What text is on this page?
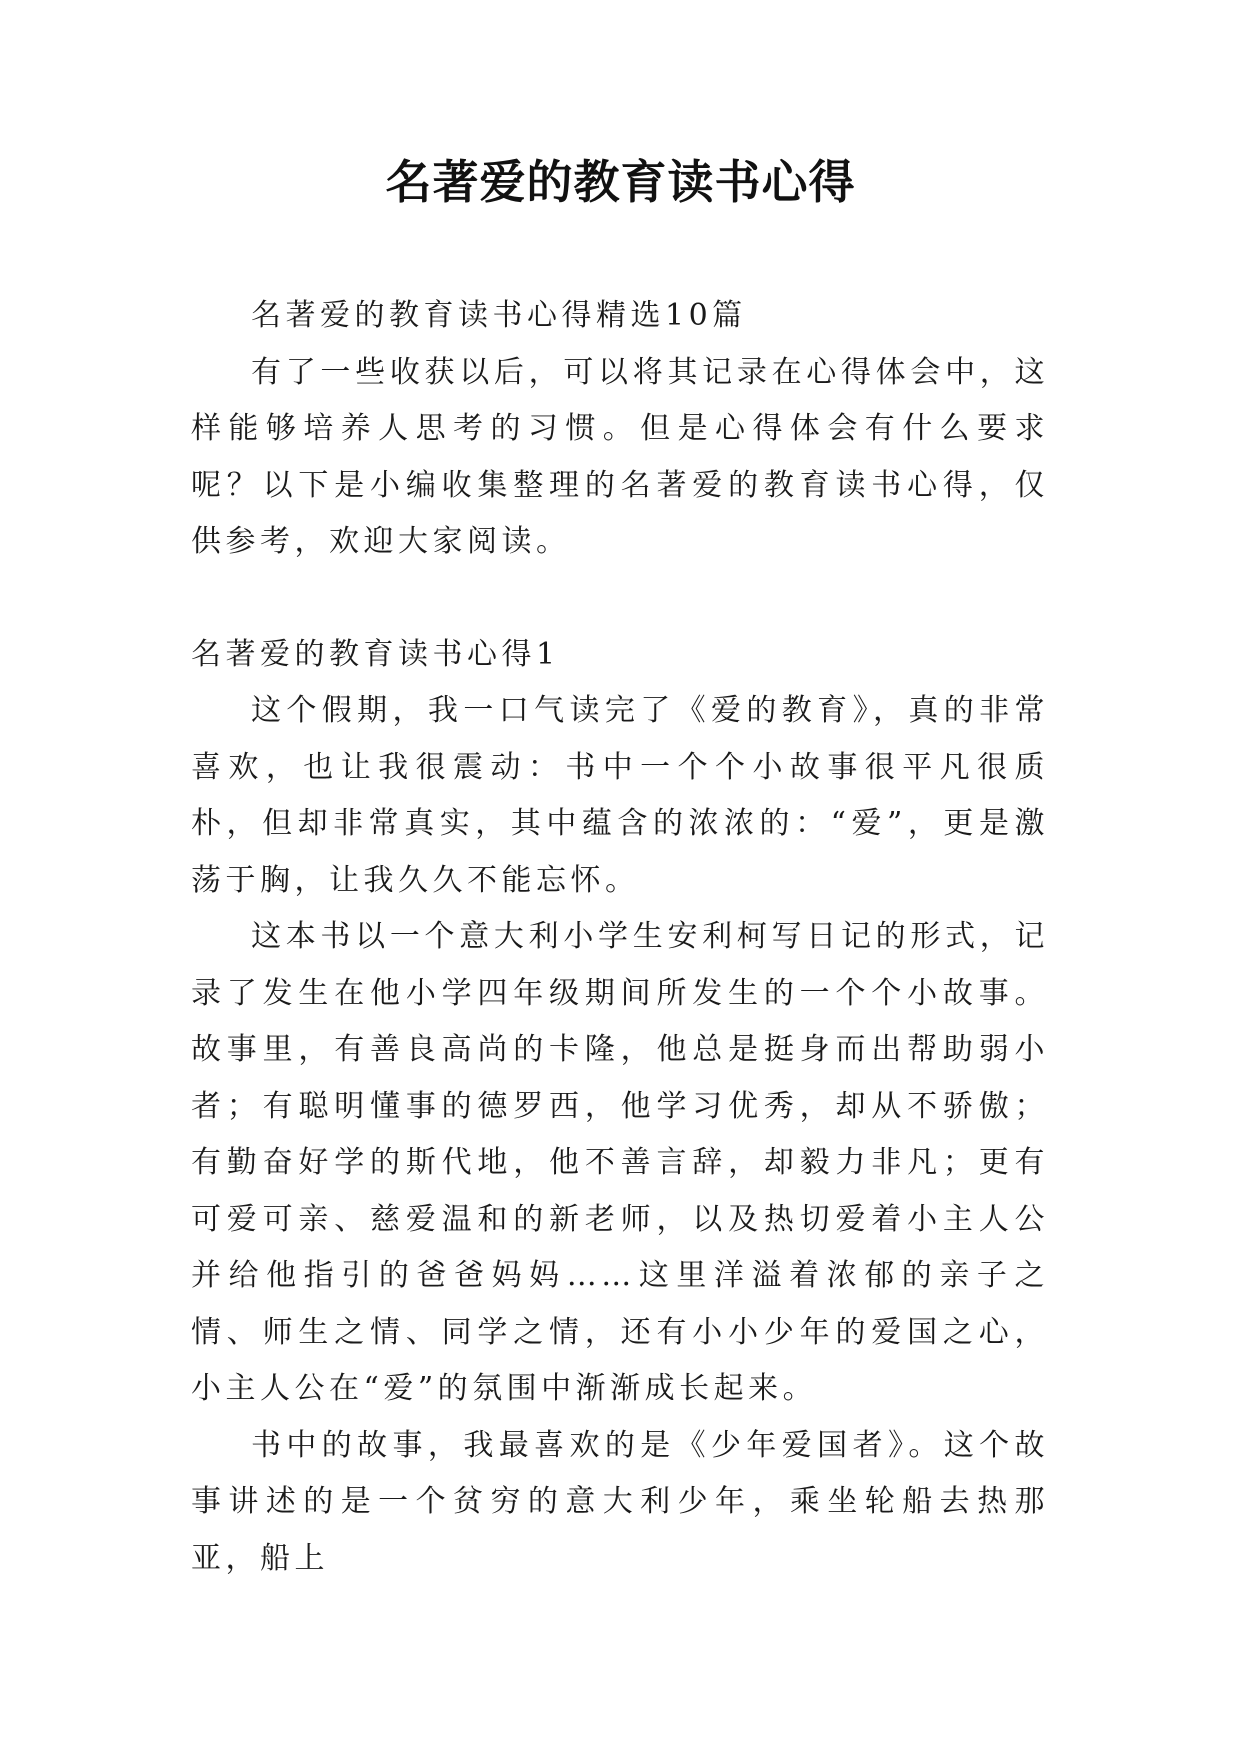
名著爱的教育读书心得

名著爱的教育读书心得精选10篇

有了一些收获以后，可以将其记录在心得体会中，这样能够培养人思考的习惯。但是心得体会有什么要求呢？以下是小编收集整理的名著爱的教育读书心得，仅供参考，欢迎大家阅读。

名著爱的教育读书心得1

这个假期，我一口气读完了《爱的教育》，真的非常喜欢，也让我很震动：书中一个个小故事很平凡很质朴，但却非常真实，其中蕴含的浓浓的：“爱”，更是激荡于胸，让我久久不能忘怀。

这本书以一个意大利小学生安利柯写日记的形式，记录了发生在他小学四年级期间所发生的一个个小故事。故事里，有善良高尚的卡隆，他总是挺身而出帮助弱小者；有聪明懂事的德罗西，他学习优秀，却从不骄傲；有勤奋好学的斯代地，他不善言辞，却毅力非凡；更有可爱可亲、慈爱温和的新老师，以及热切爱着小主人公并给他指引的爸爸妈妈……这里洋溢着浓郁的亲子之情、师生之情、同学之情，还有小小少年的爱国之心，小主人公在“爱”的氛围中渐渐成长起来。

书中的故事，我最喜欢的是《少年爱国者》。这个故事讲述的是一个贫穷的意大利少年，乘坐轮船去热那亚，船上
